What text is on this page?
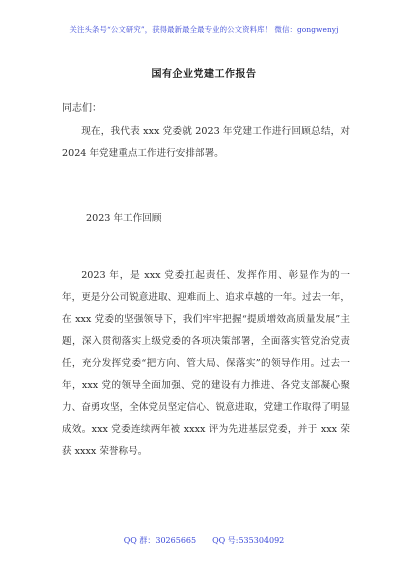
关注头条号“公文研究”，获得最新最全最专业的公文资料库！ 微信：gongwenyj
国有企业党建工作报告
同志们：

现在，我代表 xxx 党委就 2023 年党建工作进行回顾总结，对 2024 年党建重点工作进行安排部署。

2023 年工作回顾

2023 年，是 xxx 党委扛起责任、发挥作用、彰显作为的一年，更是分公司锐意进取、迎难而上、追求卓越的一年。过去一年，在 xxx 党委的坚强领导下，我们牢牢把握“提质增效高质量发展”主题，深入贯彻落实上级党委的各项决策部署，全面落实管党治党责任，充分发挥党委“把方向、管大局、保落实”的领导作用。过去一年，xxx 党的领导全面加强、党的建设有力推进、各党支部凝心聚力、奋勇攻坚，全体党员坚定信心、锐意进取，党建工作取得了明显成效。xxx 党委连续两年被 xxxx 评为先进基层党委，并于 xxx 荣获 xxxx 荣誉称号。

QQ 群：30265665 QQ 号:535304092
